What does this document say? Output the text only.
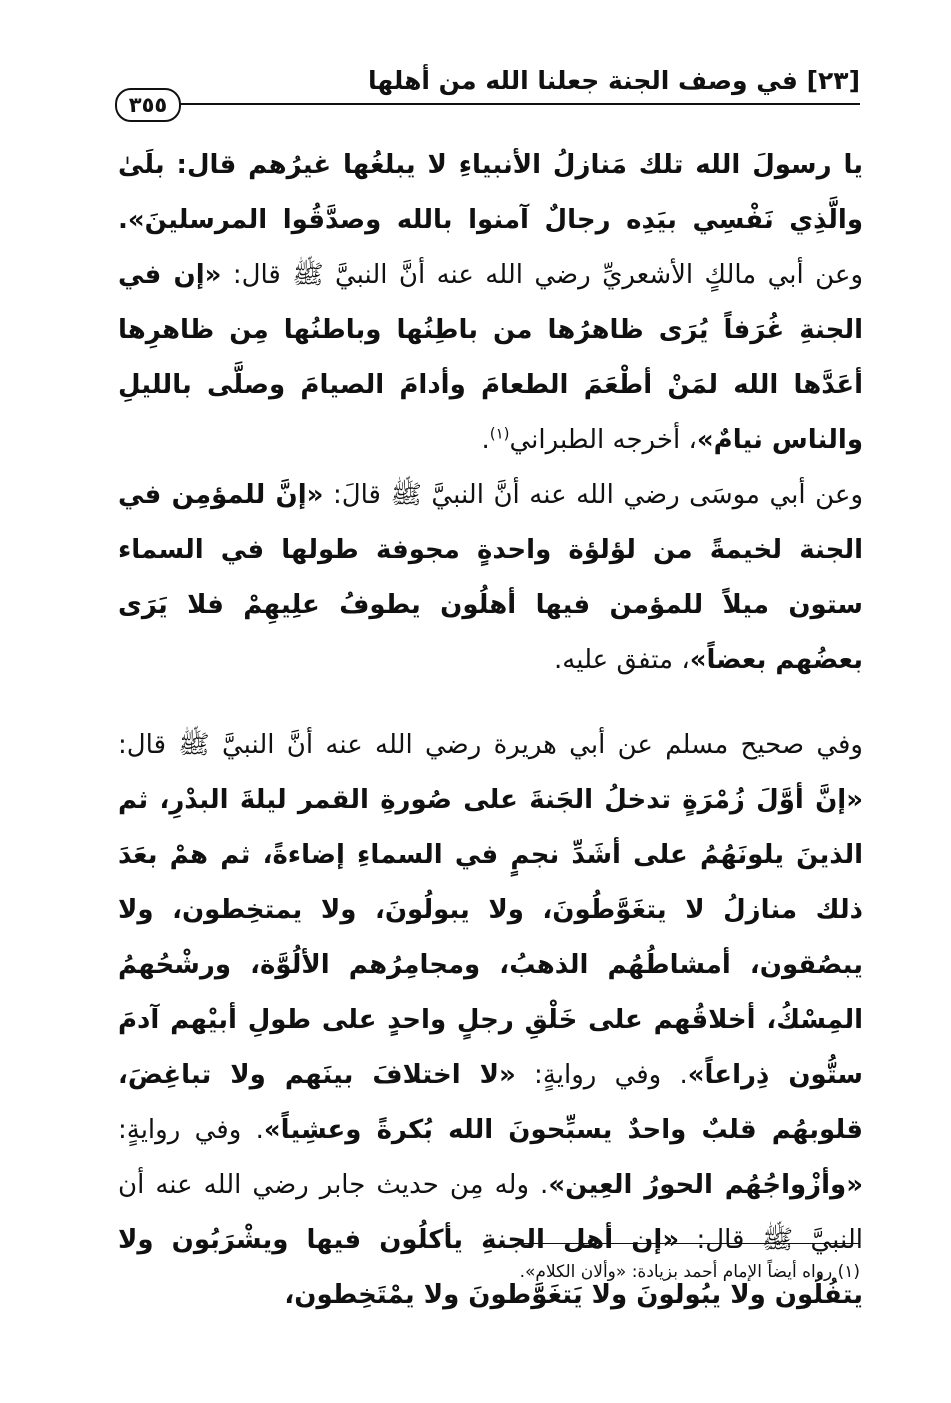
[٢٣] في وصف الجنة جعلنا الله من أهلها
٣٥٥

يا رسولَ الله تلك مَنازلُ الأنبياءِ لا يبلغُها غيرُهم قال: بلَىٰ والَّذِي نَفْسِي بيَدِه رجالٌ آمنوا بالله وصدَّقُوا المرسلينَ». وعن أبي مالكٍ الأشعريِّ رضي الله عنه أنَّ النبيَّ ﷺ قال: «إن في الجنةِ غُرَفاً يُرَى ظاهرُها من باطِنُها وباطنُها مِن ظاهرِها أعَدَّها الله لمَنْ أطْعَمَ الطعامَ وأدامَ الصيامَ وصلَّى بالليلِ والناس نيامٌ»، أخرجه الطبراني$^{(١)}$.

وعن أبي موسَى رضي الله عنه أنَّ النبيَّ ﷺ قالَ: «إنَّ للمؤمِن في الجنة لخيمةً من لؤلؤة واحدةٍ مجوفة طولها في السماء ستون ميلاً للمؤمن فيها أهلُون يطوفُ علِيهِمْ فلا يَرَى بعضُهم بعضاً»، متفق عليه.

وفي صحيح مسلم عن أبي هريرة رضي الله عنه أنَّ النبيَّ ﷺ قال: «إنَّ أوَّلَ زُمْرَةٍ تدخلُ الجَنةَ على صُورةِ القمر ليلةَ البدْرِ، ثم الذينَ يلونَهُمُ على أشَدِّ نجمٍ في السماءِ إضاءةً، ثم همْ بعَدَ ذلك منازلُ لا يتغَوَّطُونَ، ولا يبولُونَ، ولا يمتخِطون، ولا يبصُقون، أمشاطُهُم الذهبُ، ومجامِرُهم الألُوَّة، ورشْحُهمُ المِسْكُ، أخلاقُهم على خَلْقِ رجلٍ واحدٍ على طولِ أبيْهم آدمَ ستُّون ذِراعاً». وفي روايةٍ: «لا اختلافَ بينَهم ولا تباغِضَ، قلوبهُم قلبٌ واحدٌ يسبِّحونَ الله بُكرةً وعشِياً». وفي روايةٍ: «وأزْواجُهُم الحورُ العِين». وله مِن حديث جابر رضي الله عنه أن النبيَّ ﷺ قال: «إن أهل الجنةِ يأكلُون فيها ويشْرَبُون ولا يتفُلُون ولا يبُولونَ ولا يَتغَوَّطونَ ولا يمْتَخِطون،

(١) رواه أيضاً الإمام أحمد بزيادة: «وألان الكلام».
